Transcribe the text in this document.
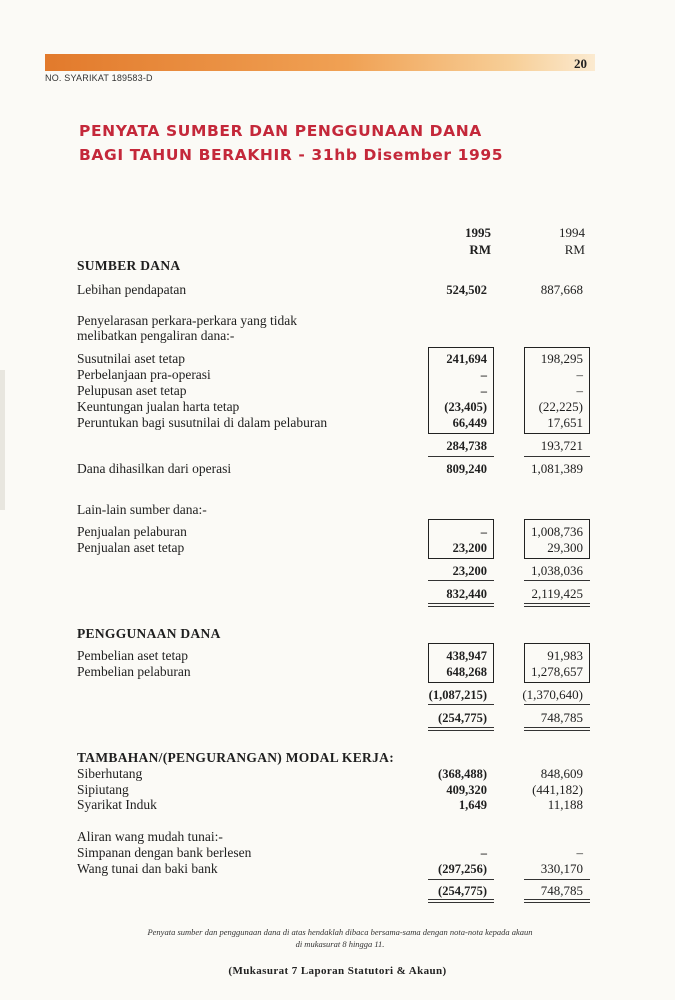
20
NO. SYARIKAT 189583-D
PENYATA SUMBER DAN PENGGUNAAN DANA
BAGI TAHUN BERAKHIR - 31hb Disember 1995
1995
RM
1994
RM
SUMBER DANA
Lebihan pendapatan
Penyelarasan perkara-perkara yang tidak
melibatkan pengaliran dana:-
Susutnilai aset tetap
Perbelanjaan pra-operasi
Pelupusan aset tetap
Keuntungan jualan harta tetap
Peruntukan bagi susutnilai di dalam pelaburan
Dana dihasilkan dari operasi
Lain-lain sumber dana:-
Penjualan pelaburan
Penjualan aset tetap
PENGGUNAAN DANA
Pembelian aset tetap
Pembelian pelaburan
TAMBAHAN/(PENGURANGAN) MODAL KERJA:
Siberhutang
Sipiutang
Syarikat Induk
Aliran wang mudah tunai:-
Simpanan dengan bank berlesen
Wang tunai dan baki bank
524,502
241,694
–
–
(23,405)
66,449
284,738
809,240
–
23,200
23,200
832,440
438,947
648,268
(1,087,215)
(254,775)
(368,488)
409,320
1,649
–
(297,256)
(254,775)
887,668
198,295
–
–
(22,225)
17,651
193,721
1,081,389
1,008,736
29,300
1,038,036
2,119,425
91,983
1,278,657
(1,370,640)
748,785
848,609
(441,182)
11,188
–
330,170
748,785
Penyata sumber dan penggunaan dana di atas hendaklah dibaca bersama-sama dengan nota-nota kepada akaun
di mukasurat 8 hingga 11.
(Mukasurat 7 Laporan Statutori & Akaun)
